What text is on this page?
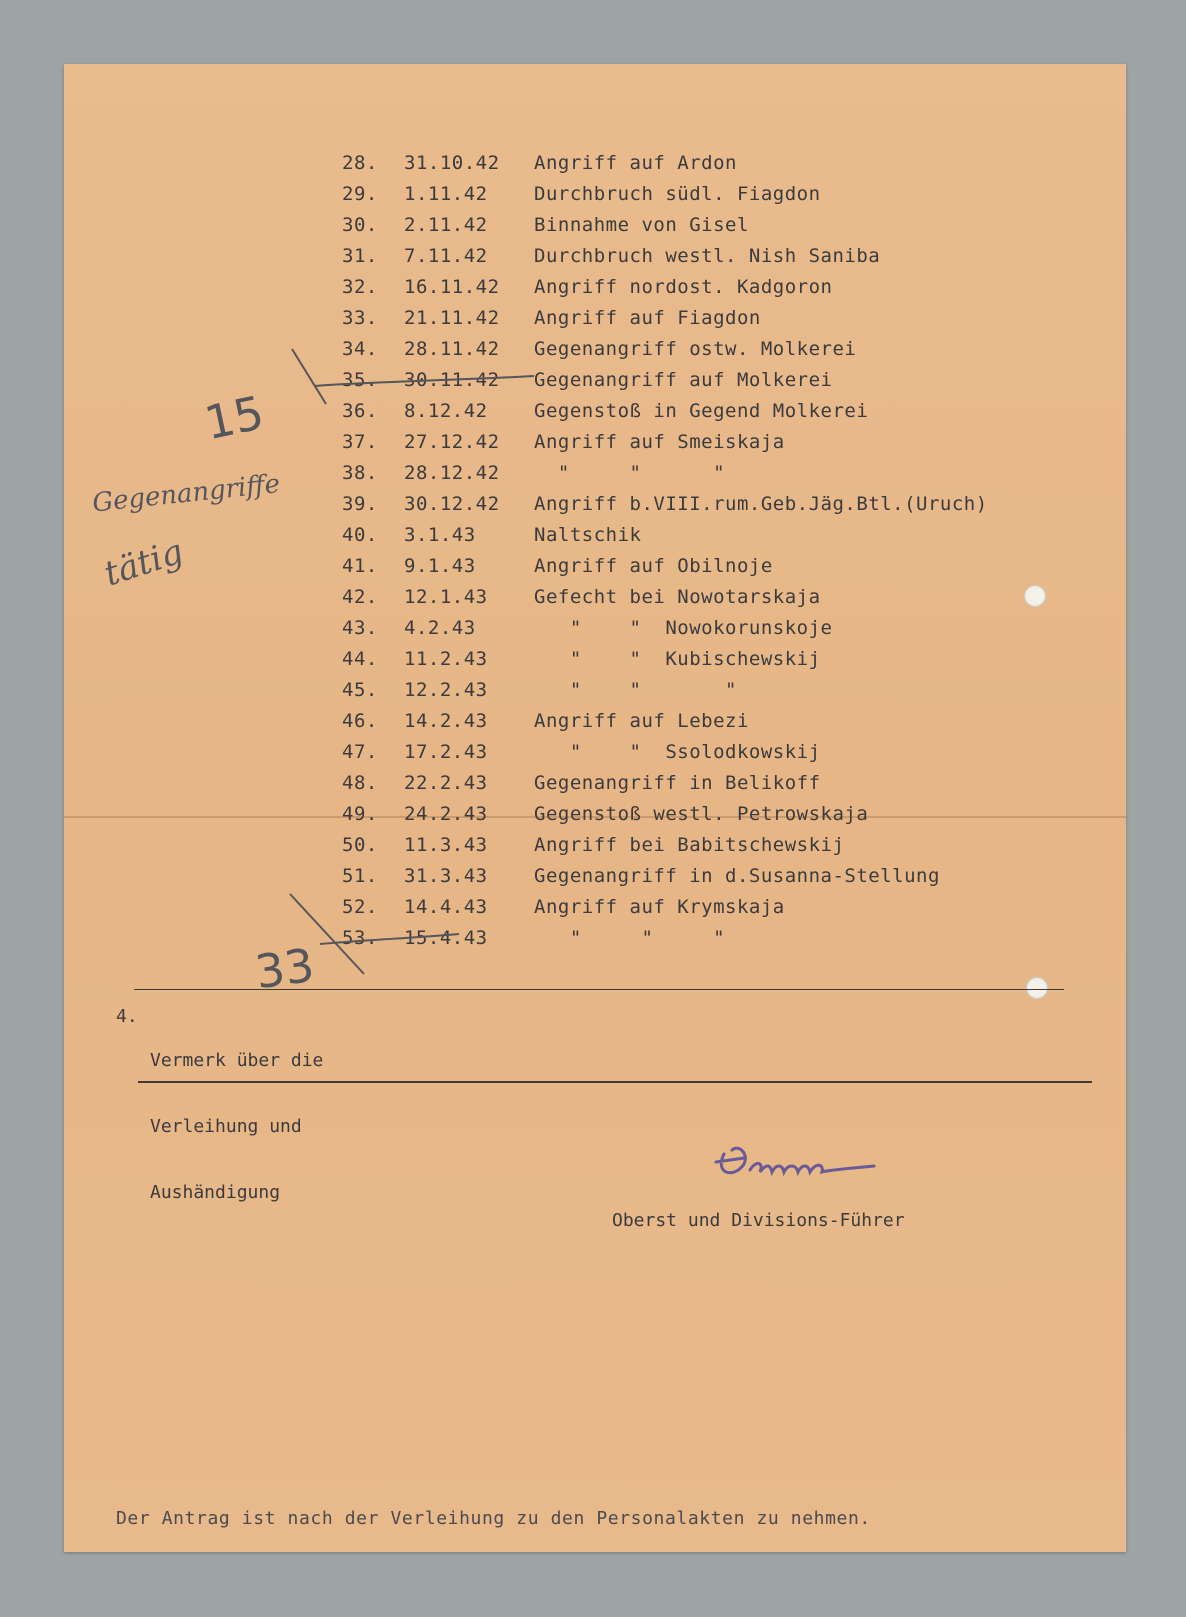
28. 31.10.42 Angriff auf Ardon
29. 1.11.42 Durchbruch südl. Fiagdon
30. 2.11.42 Binnahme von Gisel
31. 7.11.42 Durchbruch westl. Nish Saniba
32. 16.11.42 Angriff nordost. Kadgoron
33. 21.11.42 Angriff auf Fiagdon
34. 28.11.42 Gegenangriff ostw. Molkerei
35. 30.11.42 Gegenangriff auf Molkerei
36. 8.12.42 Gegenstoß in Gegend Molkerei
37. 27.12.42 Angriff auf Smeiskaja
38. 28.12.42 "     "      "
39. 30.12.42 Angriff b.VIII.rum.Geb.Jäg.Btl.(Uruch)
40. 3.1.43	Naltschik
41. 9.1.43	Angriff auf Obilnoje
42. 12.1.43 Gefecht bei Nowotarskaja
43. 4.2.43	"    "  Nowokorunskoje
44. 11.2.43 "    "  Kubischewskij
45. 12.2.43 "    "       "
46. 14.2.43 Angriff auf Lebezi
47. 17.2.43 "    "  Ssolodkowskij
48. 22.2.43 Gegenangriff in Belikoff
49. 24.2.43 Gegenstoß westl. Petrowskaja
50. 11.3.43 Angriff bei Babitschewskij
51. 31.3.43 Gegenangriff in d.Susanna-Stellung
52. 14.4.43 Angriff auf Krymskaja
53. 15.4.43 "     "     "

4.

Vermerk über die

Verleihung und

Aushändigung

Oberst und Divisions-Führer
Der Antrag ist nach der Verleihung zu den Personalakten zu nehmen.
15
33
Gegenangriffe
tätig
